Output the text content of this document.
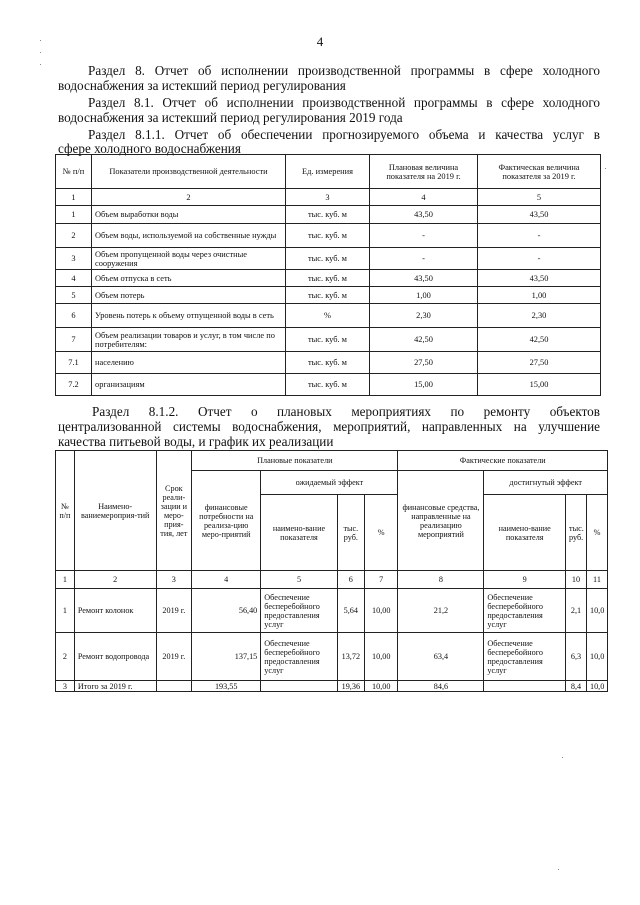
4
Раздел 8. Отчет об исполнении производственной программы в сфере холодного
водоснабжения за истекший период регулирования
Раздел 8.1. Отчет об исполнении производственной программы в сфере холодного
водоснабжения за истекший период регулирования 2019 года
Раздел 8.1.1. Отчет об обеспечении прогнозируемого объема и качества услуг в
сфере холодного водоснабжения
№ п/п	Показатели производственной деятельности	Ед. измерения	Плановая величина показателя на 2019 г.	Фактическая величина показателя за 2019 г.
1	2	3	4	5
1	Объем выработки воды	тыс. куб. м	43,50	43,50
2	Объем воды, используемой на собственные нужды	тыс. куб. м	-	-
3	Объем пропущенной воды через очистные сооружения	тыс. куб. м	-	-
4	Объем отпуска в сеть	тыс. куб. м	43,50	43,50
5	Объем потерь	тыс. куб. м	1,00	1,00
6	Уровень потерь к объему отпущенной воды в сеть	%	2,30	2,30
7	Объем реализации товаров и услуг, в том числе по потребителям:	тыс. куб. м	42,50	42,50
7.1	населению	тыс. куб. м	27,50	27,50
7.2	организациям	тыс. куб. м	15,00	15,00
Раздел 8.1.2. Отчет о плановых мероприятиях по ремонту объектов
централизованной системы водоснабжения, мероприятий, направленных на улучшение
качества питьевой воды, и график их реализации
№ п/п	Наимено-ваниемероприя-тий	Срок реали-зации и меро-прия-тия, лет	Плановые показатели				Фактические показатели			
			финансовые потребности на реализа-цию меро-приятий	ожидаемый эффект			финансовые средства, направленные на реализацию мероприятий	достигнутый эффект		
				наимено-вание показателя	тыс. руб.	%		наимено-вание показателя	тыс. руб.	%
1	2	3	4	5	6	7	8	9	10	11
1	Ремонт колонок	2019 г.	56,40	Обеспечение бесперебойного предоставления услуг	5,64	10,00	21,2	Обеспечение бесперебойного предоставления услуг	2,1	10,0
2	Ремонт водопровода	2019 г.	137,15	Обеспечение бесперебойного предоставления услуг	13,72	10,00	63,4	Обеспечение бесперебойного предоставления услуг	6,3	10,0
3	Итого за 2019 г.		193,55		19,36	10,00	84,6		8,4	10,0
